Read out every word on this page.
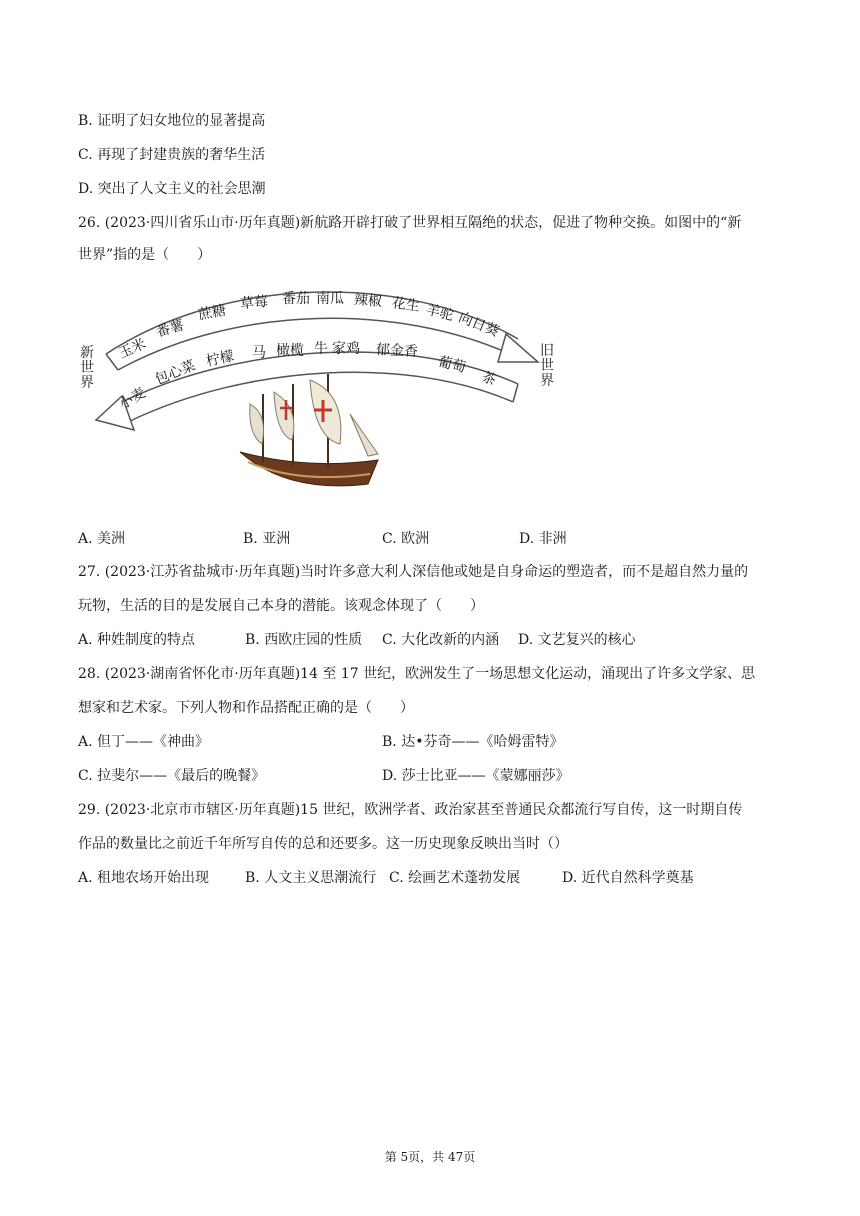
B. 证明了妇女地位的显著提高
C. 再现了封建贵族的奢华生活
D. 突出了人文主义的社会思潮
26. (2023·四川省乐山市·历年真题)新航路开辟打破了世界相互隔绝的状态，促进了物种交换。如图中的“新
世界”指的是（　　）
新世界
旧世界
玉米
番薯
蔗糖 草莓 番茄 南瓜 辣椒 花生 羊驼 向日葵
小麦
包心菜 柠檬 马 橄榄 牛 家鸡 郁金香
葡萄
茶
A. 美洲	B. 亚洲	C. 欧洲	D. 非洲
27. (2023·江苏省盐城市·历年真题)当时许多意大利人深信他或她是自身命运的塑造者，而不是超自然力量的
玩物，生活的目的是发展自己本身的潜能。该观念体现了（　　）
A. 种姓制度的特点	B. 西欧庄园的性质 C. 大化改新的内涵 D. 文艺复兴的核心
28. (2023·湖南省怀化市·历年真题)14 至 17 世纪，欧洲发生了一场思想文化运动，涌现出了许多文学家、思
想家和艺术家。下列人物和作品搭配正确的是（　　）
A. 但丁——《神曲》	B. 达•芬奇——《哈姆雷特》
C. 拉斐尔——《最后的晚餐》	D. 莎士比亚——《蒙娜丽莎》
29. (2023·北京市市辖区·历年真题)15 世纪，欧洲学者、政治家甚至普通民众都流行写自传，这一时期自传
作品的数量比之前近千年所写自传的总和还要多。这一历史现象反映出当时（）
A. 租地农场开始出现	B. 人文主义思潮流行 C. 绘画艺术蓬勃发展	D. 近代自然科学奠基
第 5页，共 47页
